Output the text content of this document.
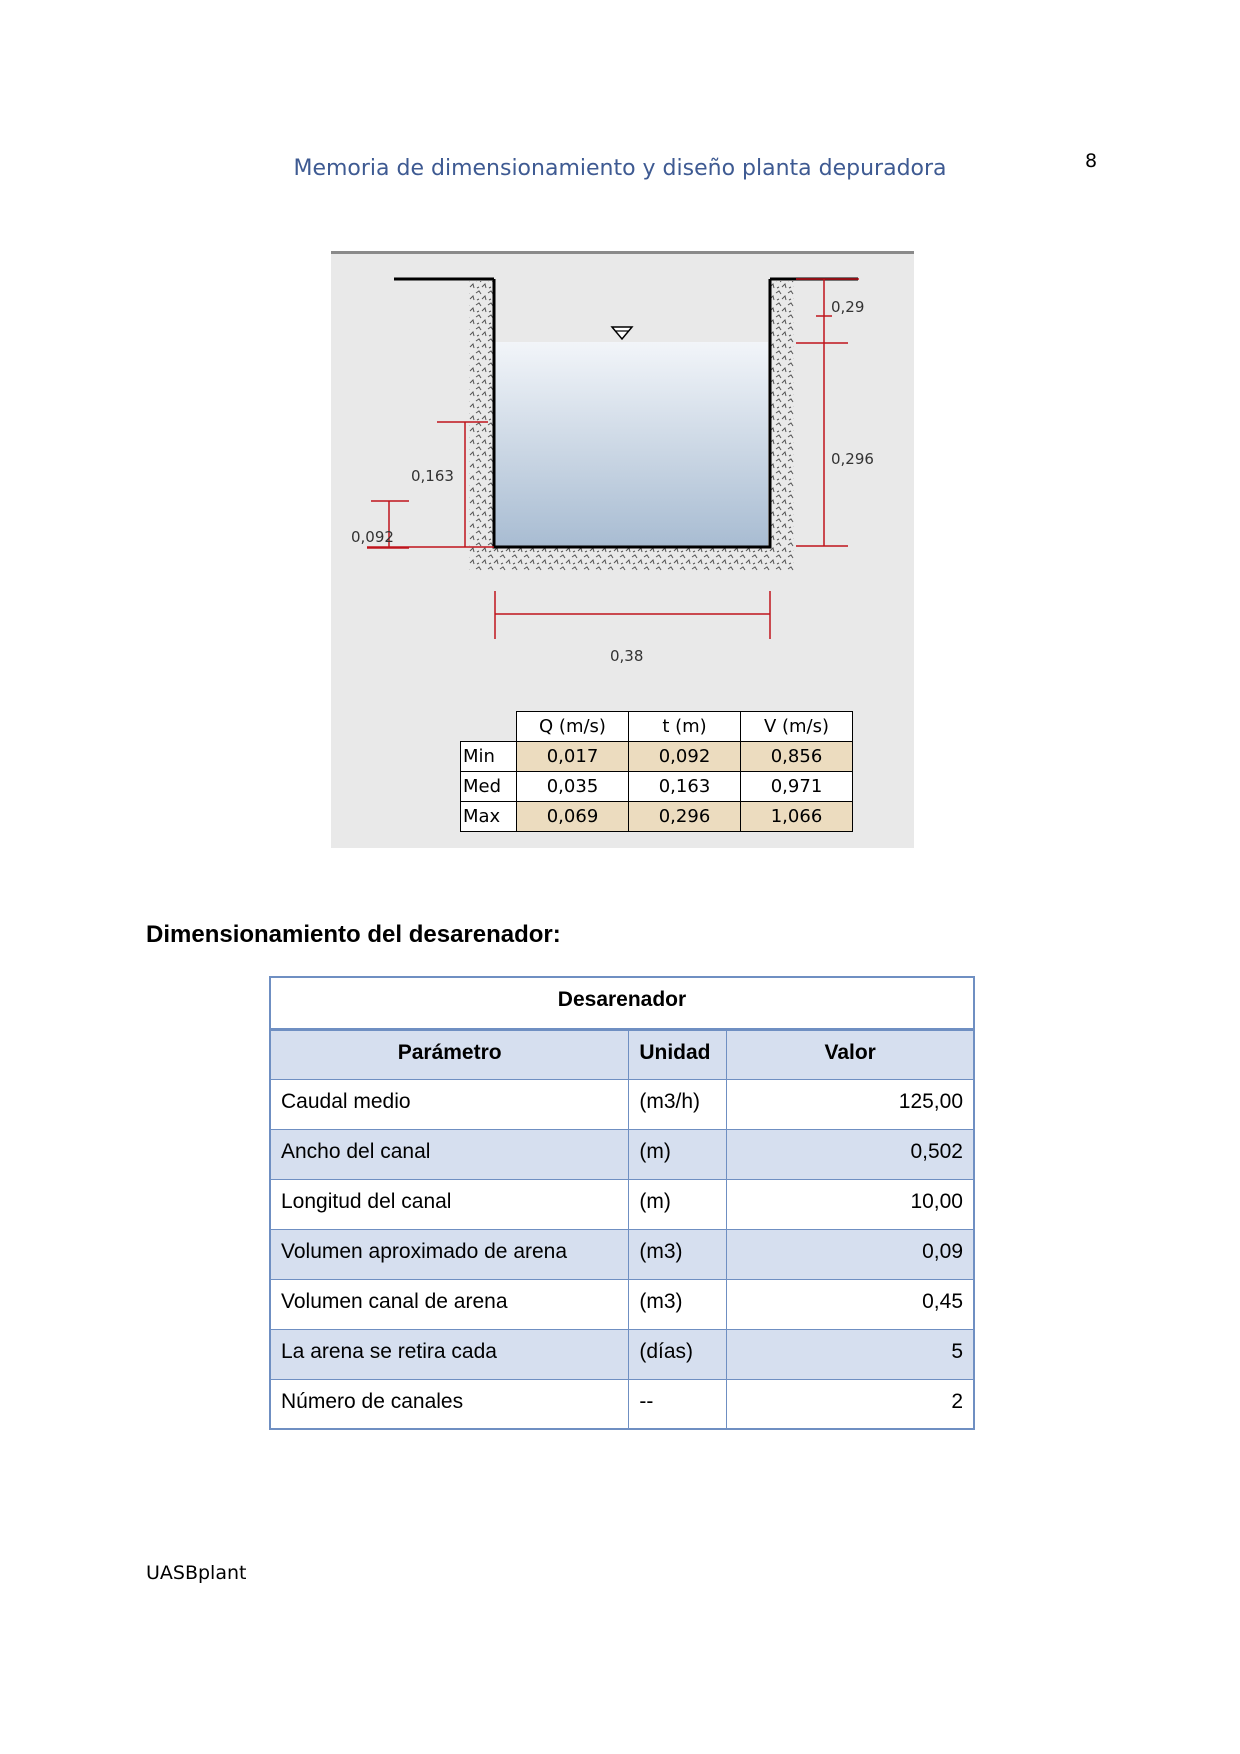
Memoria de dimensionamiento y diseño planta depuradora	8
0,29
0,296
0,163
0,092
0,38
	Q (m/s)	t (m)	V (m/s)
Min	0,017	0,092	0,856
Med	0,035	0,163	0,971
Max	0,069	0,296	1,066
Dimensionamiento del desarenador:
Desarenador		
Parámetro	Unidad	Valor
Caudal medio	(m3/h)	125,00
Ancho del canal	(m)	0,502
Longitud del canal	(m)	10,00
Volumen aproximado de arena	(m3)	0,09
Volumen canal de arena	(m3)	0,45
La arena se retira cada	(días)	5
Número de canales	--	2
UASBplant
